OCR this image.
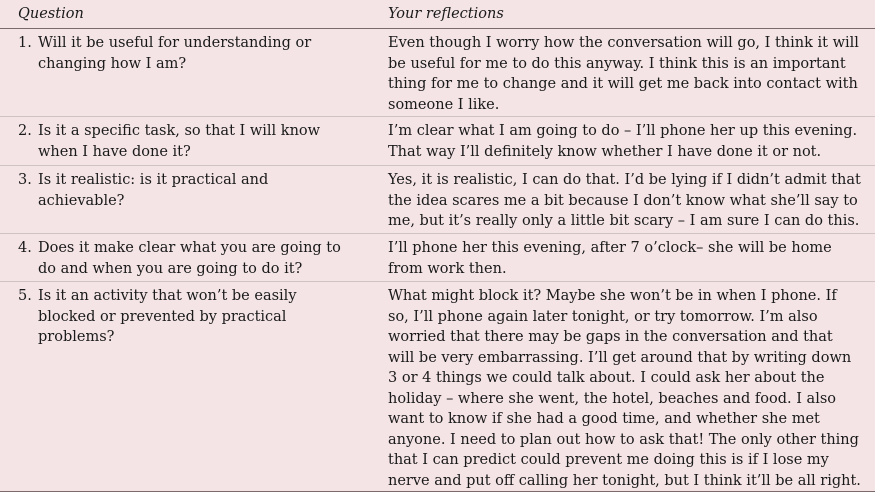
Question	Your reflections
1. Will it be useful for understanding or changing how I am?
Even though I worry how the conversation will go, I think it will be useful for me to do this anyway. I think this is an important thing for me to change and it will get me back into contact with someone I like.
2. Is it a specific task, so that I will know when I have done it?
I’m clear what I am going to do – I’ll phone her up this evening. That way I’ll definitely know whether I have done it or not.
3. Is it realistic: is it practical and achievable?
Yes, it is realistic, I can do that. I’d be lying if I didn’t admit that the idea scares me a bit because I don’t know what she’ll say to me, but it’s really only a little bit scary – I am sure I can do this.
4. Does it make clear what you are going to do and when you are going to do it?
I’ll phone her this evening, after 7 o’clock– she will be home from work then.
5. Is it an activity that won’t be easily blocked or prevented by practical problems?
What might block it? Maybe she won’t be in when I phone. If so, I’ll phone again later tonight, or try tomorrow. I’m also worried that there may be gaps in the conversation and that will be very embarrassing. I’ll get around that by writing down 3 or 4 things we could talk about. I could ask her about the holiday – where she went, the hotel, beaches and food. I also want to know if she had a good time, and whether she met anyone. I need to plan out how to ask that! The only other thing that I can predict could prevent me doing this is if I lose my nerve and put off calling her tonight, but I think it’ll be all right.
